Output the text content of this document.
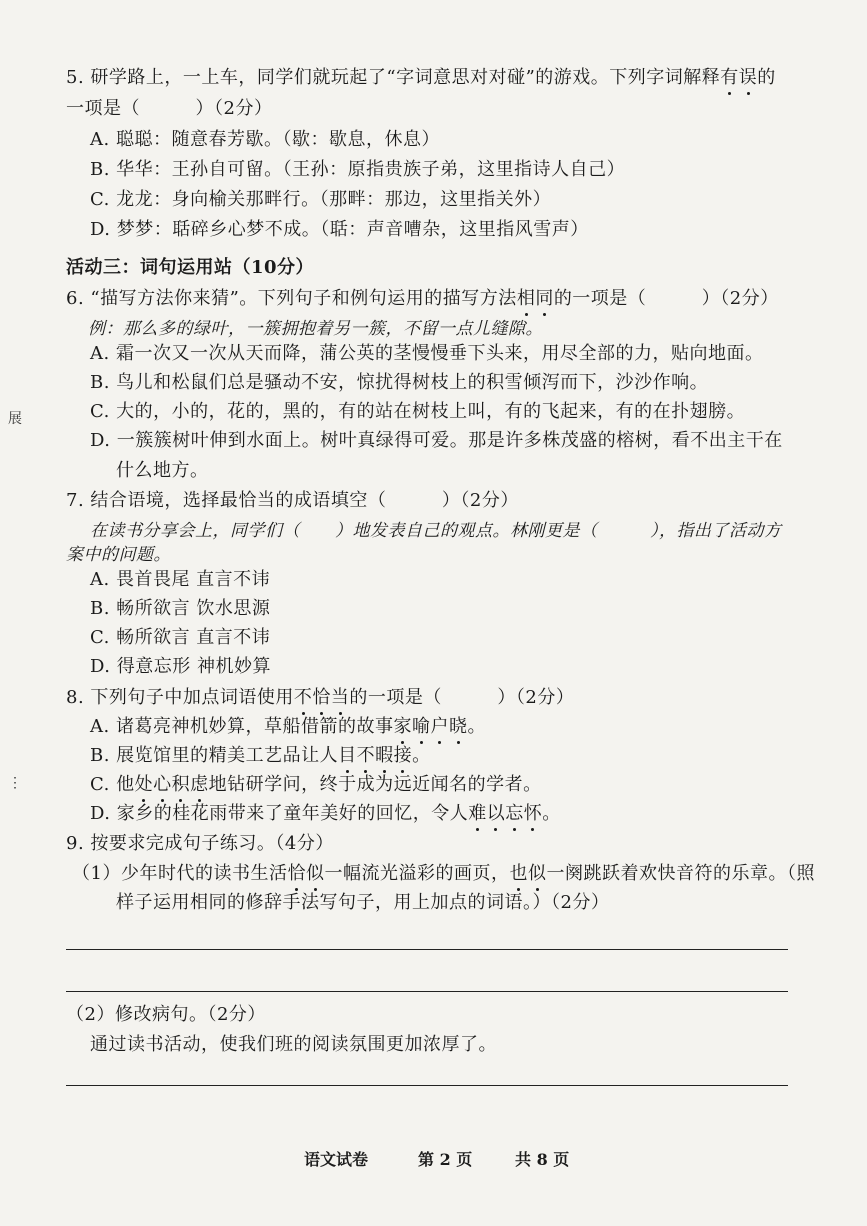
5. 研学路上，一上车，同学们就玩起了“字词意思对对碰”的游戏。下列字词解释有误的
一项是（　　　）（2分）
A. 聪聪：随意春芳歇。（歇：歇息，休息）
B. 华华：王孙自可留。（王孙：原指贵族子弟，这里指诗人自己）
C. 龙龙：身向榆关那畔行。（那畔：那边，这里指关外）
D. 梦梦：聒碎乡心梦不成。（聒：声音嘈杂，这里指风雪声）
活动三：词句运用站（10分）
6. “描写方法你来猜”。下列句子和例句运用的描写方法相同的一项是（　　　）（2分）
例：那么多的绿叶，一簇拥抱着另一簇，不留一点儿缝隙。
A. 霜一次又一次从天而降，蒲公英的茎慢慢垂下头来，用尽全部的力，贴向地面。
B. 鸟儿和松鼠们总是骚动不安，惊扰得树枝上的积雪倾泻而下，沙沙作响。
C. 大的，小的，花的，黑的，有的站在树枝上叫，有的飞起来，有的在扑翅膀。
D. 一簇簇树叶伸到水面上。树叶真绿得可爱。那是许多株茂盛的榕树，看不出主干在
什么地方。
7. 结合语境，选择最恰当的成语填空（　　　）（2分）
在读书分享会上，同学们（　　）地发表自己的观点。林刚更是（　　　），指出了活动方
案中的问题。
A. 畏首畏尾 直言不讳
B. 畅所欲言 饮水思源
C. 畅所欲言 直言不讳
D. 得意忘形 神机妙算
8. 下列句子中加点词语使用不恰当的一项是（　　　）（2分）
A. 诸葛亮神机妙算，草船借箭的故事家喻户晓。
B. 展览馆里的精美工艺品让人目不暇接。
C. 他处心积虑地钻研学问，终于成为远近闻名的学者。
D. 家乡的桂花雨带来了童年美好的回忆，令人难以忘怀。
9. 按要求完成句子练习。（4分）
（1）少年时代的读书生活恰似一幅流光溢彩的画页，也似一阕跳跃着欢快音符的乐章。（照
样子运用相同的修辞手法写句子，用上加点的词语。）（2分）
（2）修改病句。（2分）
通过读书活动，使我们班的阅读氛围更加浓厚了。
展
⋮
语文试卷	第 2 页	共 8 页
